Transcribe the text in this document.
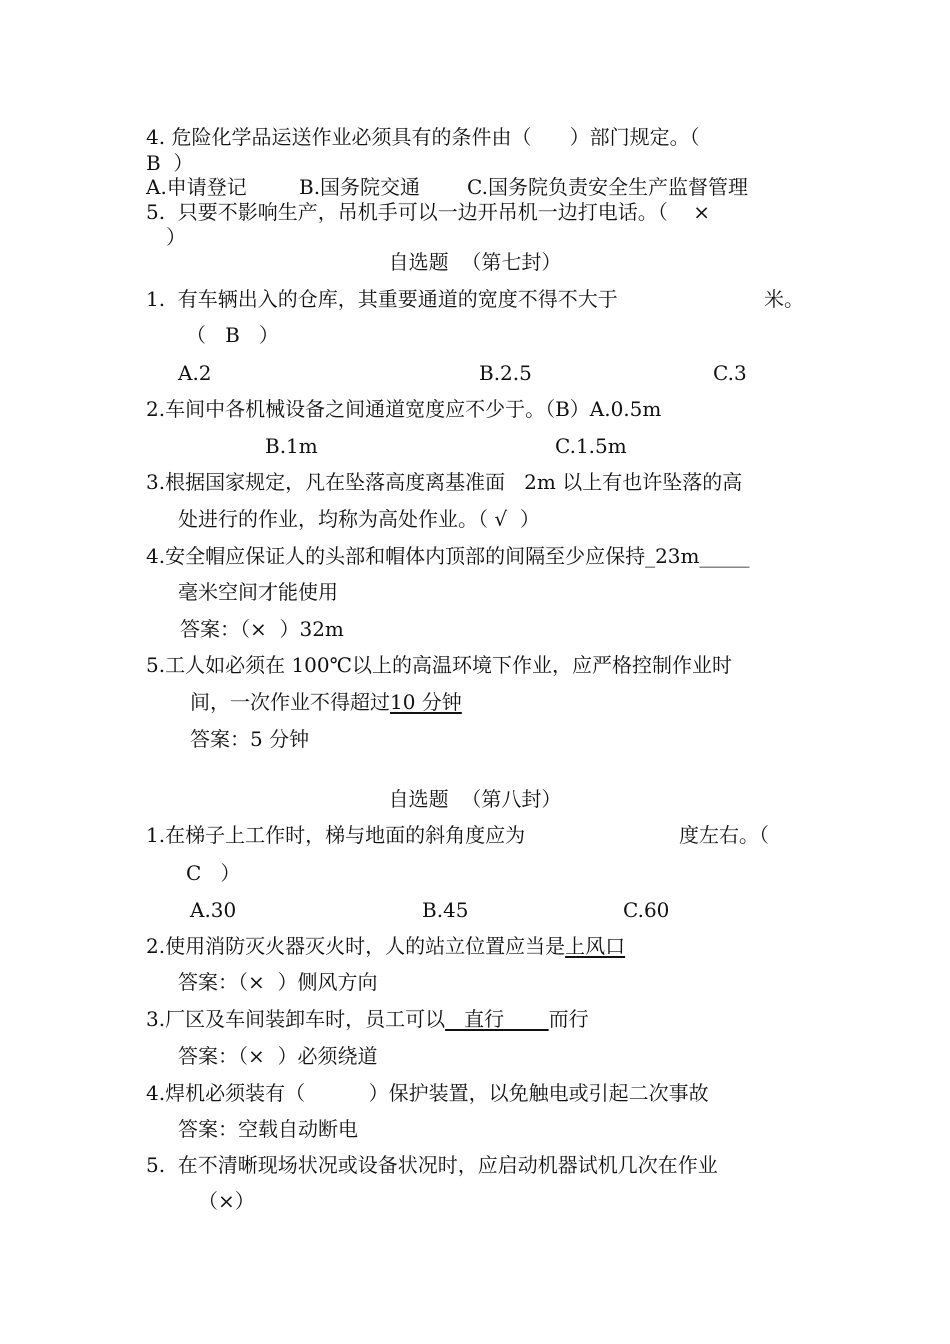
4. 危险化学品运送作业必须具有的条件由（      ）部门规定。（
B  ）
A.申请登记	B.国务院交通 C.国务院负责安全生产监督管理
5.  只要不影响生产，吊机手可以一边开吊机一边打电话。（    ×
）
自选题  （第七封）
1.  有车辆出入的仓库，其重要通道的宽度不得不大于	米。
（   B   ）
A.2	B.2.5	C.3
2.车间中各机械设备之间通道宽度应不少于。（B）A.0.5m
B.1m	C.1.5m
3.根据国家规定，凡在坠落高度离基准面   2m 以上有也许坠落的高
处进行的作业，均称为高处作业。（ √  ）
4.安全帽应保证人的头部和帽体内顶部的间隔至少应保持_23m_____
毫米空间才能使用
答案：（×  ）32m
5.工人如必须在 100℃以上的高温环境下作业，应严格控制作业时
间，一次作业不得超过10 分钟
答案：5 分钟
自选题  （第八封）
1.在梯子上工作时，梯与地面的斜角度应为	度左右。（
C   ）
A.30	B.45	C.60
2.使用消防灭火器灭火时，人的站立位置应当是上风口
答案：（×  ）侧风方向
3.厂区及车间装卸车时，员工可以   直行       而行
答案：（×  ）必须绕道
4.焊机必须装有（          ）保护装置，以免触电或引起二次事故
答案：空载自动断电
5.  在不清晰现场状况或设备状况时，应启动机器试机几次在作业
（×）
